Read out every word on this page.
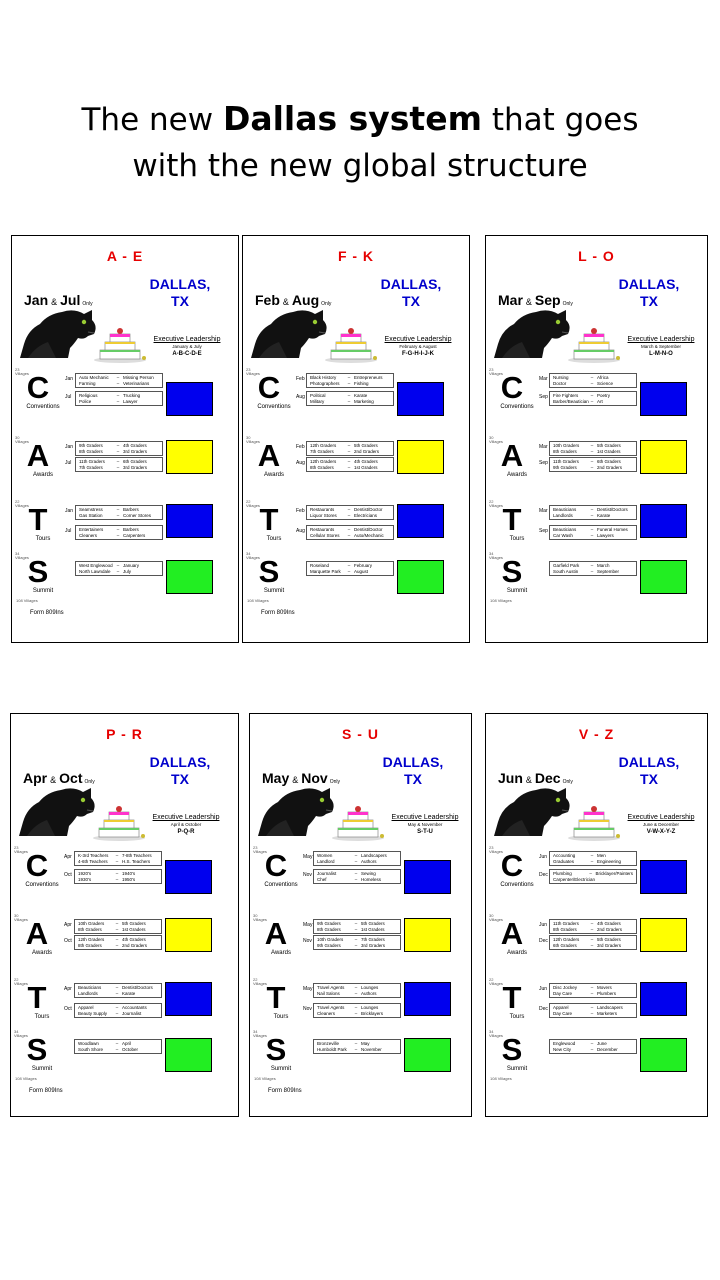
The new Dallas system that goes
with the new global structure
A - E
DALLAS,
TX
Jan & Jul Only
Executive Leadership
January & July
A-B-C-D-E
23
Villages
C
Conventions
Jan Auto Mechanic	– Missing Person
Farming	– Veterinarians
Jul Religious	– Trucking
Police	– Lawyer
30
Villages
A
Awards
Jan 9th Graders	– 4th Graders
8th Graders	– 3rd Graders
Jul 11th Graders	– 6th Graders
7th Graders	– 3rd Graders
22
Villages T
Tours
Jan Seamstress	– Barbers
Gas Station	– Corner Stores
Jul Entertainers	– Barbers
Cleaners	– Carpenters
34
Villages
S
Summit
West Englewood – January
North Lawndale	– July
108 Villages
Form 809Ins
F - K
DALLAS,
TX
Feb & Aug Only
Executive Leadership
February & August
F-G-H-I-J-K
23
Villages
C
Conventions
Feb Black History	– Entrepreneurs
Photographers	– Fishing
Aug Political	– Karate
Military	– Marketing
30
Villages
A
Awards
Feb 12th Graders	– 5th Graders
7th Graders	– 2nd Graders
Aug 12th Graders	– 4th Graders
8th Graders	– 1st Graders
22
Villages T
Tours
Feb Restaurants	– Dentist/Doctor
Liquor Stores	– Electricians
Aug Restaurants	– Dentist/Doctor
Cellular Stores	– Auto/Mechanic
34
Villages
S
Summit
Roseland	– February
Marquette Park	– August
108 Villages
Form 809Ins
L - O
DALLAS,
TX
Mar & Sep Only
Executive Leadership
March & September
L-M-N-O
23
Villages
C
Conventions
Mar Nursing	– Africa
Doctor	– Science
Sep Fire Fighters	– Poetry
Barber/Beautician – Art
30
Villages
A
Awards
Mar 10th Graders	– 5th Graders
8th Graders	– 1st Graders
Sep 11th Graders	– 6th Graders
9th Graders	– 2nd Graders
22
Villages T
Tours
Mar Beauticians	– Dentist/Doctors
Landlords	– Karate
Sep Beauticians	– Funeral Homes
Car Wash	– Lawyers
34
Villages
S
Summit
Garfield Park	– March
South Austin	– September
108 Villages
P - R
DALLAS,
TX
Apr & Oct Only
Executive Leadership
April & October
P-Q-R
23
Villages
C
Conventions
Apr K-3rd Teachers	– 7-8th Teachers
4-6th Teachers	– H.S. Teachers
Oct 1920's	– 1940's
1930's	– 1950's
30
Villages
A
Awards
Apr 10th Graders	– 5th Graders
8th Graders	– 1st Graders
Oct 12th Graders	– 4th Graders
8th Graders	– 2nd Graders
22
Villages T
Tours
Apr Beauticians	– Dentist/Doctors
Landlords	– Karate
Oct Apparel	– Accountants
Beauty Supply	– Journalist
34
Villages
S
Summit
Woodlawn	– April
South Shore	– October
108 Villages
Form 809Ins
S - U
DALLAS,
TX
May & Nov Only
Executive Leadership
May & November
S-T-U
23
Villages
C
Conventions
May Women	– Landscapers
Landlord	– Authors
Nov Journalist	– Sewing
Chef	– Homeless
30
Villages
A
Awards
May 9th Graders	– 5th Graders
8th Graders	– 1st Graders
Nov 10th Graders	– 7th Graders
9th Graders	– 3rd Graders
22
Villages T
Tours
May Travel Agents	– Lounges
Nail Salons	– Authors
Nov Travel Agents	– Lounges
Cleaners	– Bricklayers
34
Villages
S
Summit
Bronzeville	– May
Humboldt Park	– November
108 Villages
Form 809Ins
V - Z
DALLAS,
TX
Jun & Dec Only
Executive Leadership
June & December
V-W-X-Y-Z
23
Villages
C
Conventions
Jun Accounting	– Men
Graduates	– Engineering
Dec Plumbing	– Bricklayer/Painters
Carpenter/Electrician
30
Villages
A
Awards
Jun 11th Graders	– 4th Graders
8th Graders	– 2nd Graders
Dec 12th Graders	– 5th Graders
6th Graders	– 3rd Graders
22
Villages T
Tours
Jun Disc Jockey	– Movers
Day Care	– Plumbers
Dec Apparel	– Landscapers
Day Care	– Marketers
34
Villages
S
Summit
Englewood	– June
New City	– December
108 Villages
